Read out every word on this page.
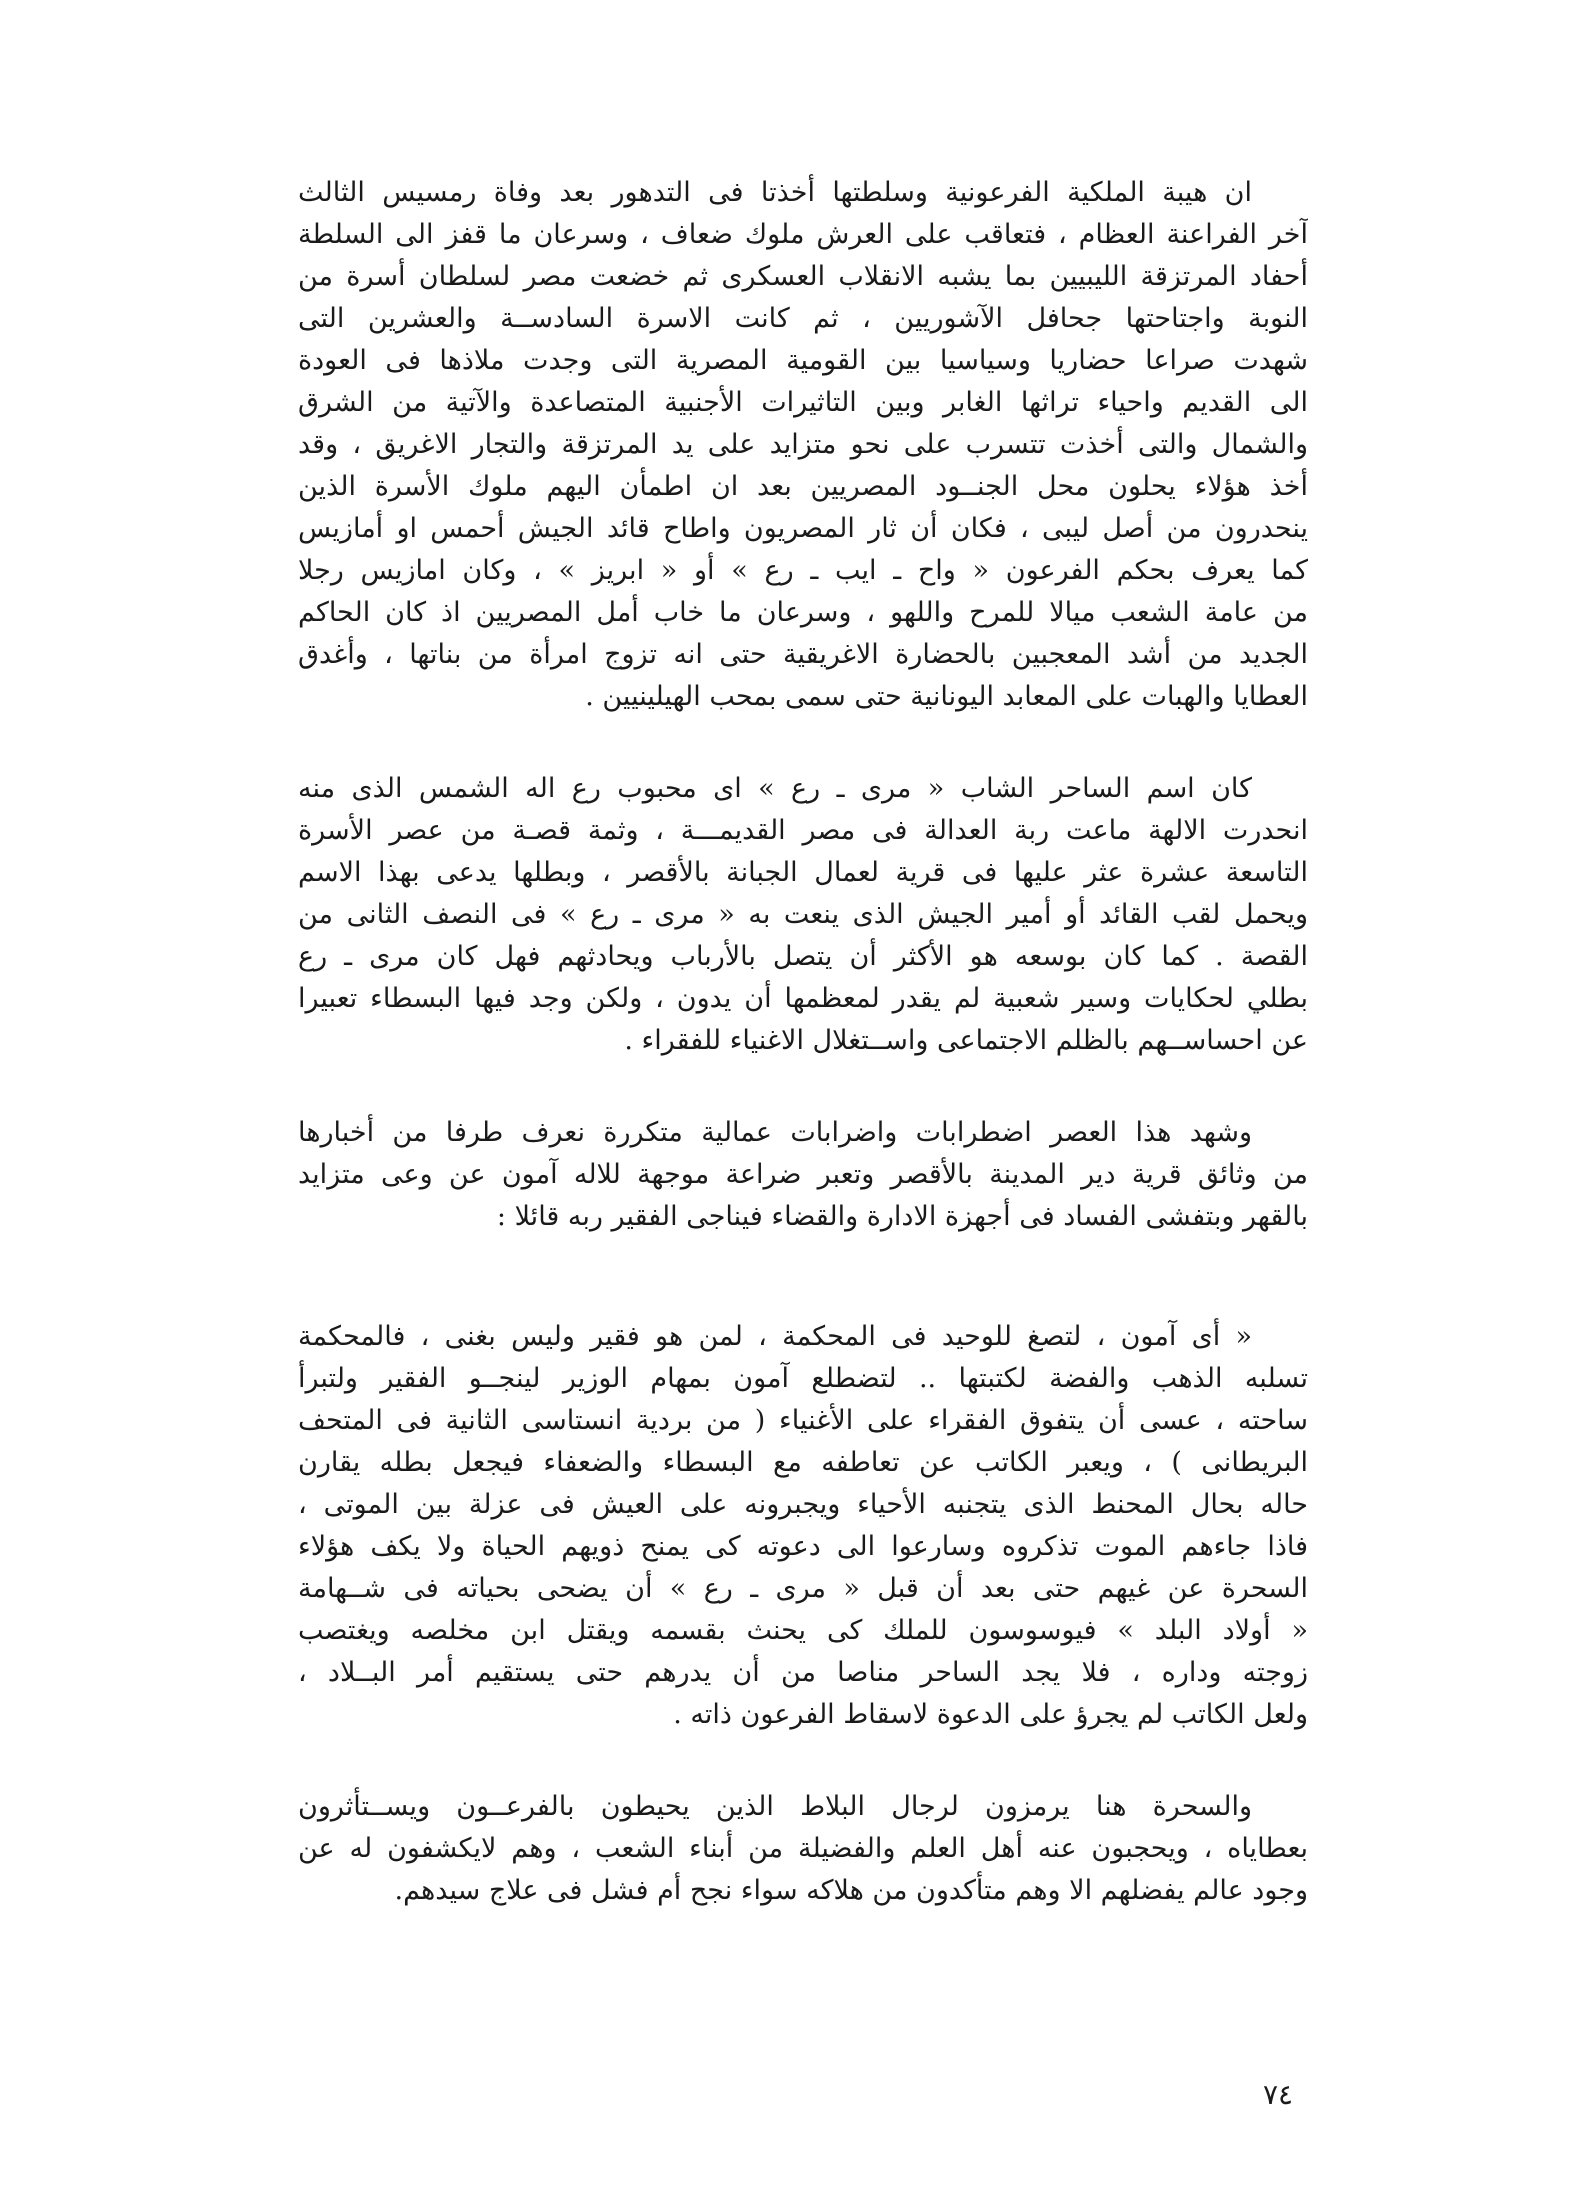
ان هيبة الملكية الفرعونية وسلطتها أخذتا فى التدهور بعد وفاة رمسيس الثالث
آخر الفراعنة العظام ، فتعاقب على العرش ملوك ضعاف ، وسرعان ما قفز الى السلطة
أحفاد المرتزقة الليبيين بما يشبه الانقلاب العسكرى ثم خضعت مصر لسلطان أسرة من
النوبة واجتاحتها جحافل الآشوريين ، ثم كانت الاسرة السادســة والعشرين التى
شهدت صراعا حضاريا وسياسيا بين القومية المصرية التى وجدت ملاذها فى العودة
الى القديم واحياء تراثها الغابر وبين التاثيرات الأجنبية المتصاعدة والآتية من الشرق
والشمال والتى أخذت تتسرب على نحو متزايد على يد المرتزقة والتجار الاغريق ، وقد
أخذ هؤلاء يحلون محل الجنــود المصريين بعد ان اطمأن اليهم ملوك الأسرة الذين
ينحدرون من أصل ليبى ، فكان أن ثار المصريون واطاح قائد الجيش أحمس او أمازيس
كما يعرف بحكم الفرعون « واح ـ ايب ـ رع » أو « ابريز » ، وكان امازيس رجلا
من عامة الشعب ميالا للمرح واللهو ، وسرعان ما خاب أمل المصريين اذ كان الحاكم
الجديد من أشد المعجبين بالحضارة الاغريقية حتى انه تزوج امرأة من بناتها ، وأغدق
العطايا والهبات على المعابد اليونانية حتى سمى بمحب الهيلينيين .
كان اسم الساحر الشاب « مرى ـ رع » اى محبوب رع اله الشمس الذى منه
انحدرت الالهة ماعت ربة العدالة فى مصر القديمـــة ، وثمة قصـة من عصر الأسرة
التاسعة عشرة عثر عليها فى قرية لعمال الجبانة بالأقصر ، وبطلها يدعى بهذا الاسم
ويحمل لقب القائد أو أمير الجيش الذى ينعت به « مرى ـ رع » فى النصف الثانى من
القصة . كما كان بوسعه هو الأكثر أن يتصل بالأرباب ويحادثهم فهل كان مرى ـ رع
بطلي لحكايات وسير شعبية لم يقدر لمعظمها أن يدون ، ولكن وجد فيها البسطاء تعبيرا
عن احساســهم بالظلم الاجتماعى واســتغلال الاغنياء للفقراء .
وشهد هذا العصر اضطرابات واضرابات عمالية متكررة نعرف طرفا من أخبارها
من وثائق قرية دير المدينة بالأقصر وتعبر ضراعة موجهة للاله آمون عن وعى متزايد
بالقهر وبتفشى الفساد فى أجهزة الادارة والقضاء فيناجى الفقير ربه قائلا :
« أى آمون ، لتصغ للوحيد فى المحكمة ، لمن هو فقير وليس بغنى ، فالمحكمة
تسلبه الذهب والفضة لكتبتها .. لتضطلع آمون بمهام الوزير لينجــو الفقير ولتبرأ
ساحته ، عسى أن يتفوق الفقراء على الأغنياء ( من بردية انستاسى الثانية فى المتحف
البريطانى ) ، ويعبر الكاتب عن تعاطفه مع البسطاء والضعفاء فيجعل بطله يقارن
حاله بحال المحنط الذى يتجنبه الأحياء ويجبرونه على العيش فى عزلة بين الموتى ،
فاذا جاءهم الموت تذكروه وسارعوا الى دعوته كى يمنح ذويهم الحياة ولا يكف هؤلاء
السحرة عن غيهم حتى بعد أن قبل « مرى ـ رع » أن يضحى بحياته فى شــهامة
« أولاد البلد » فيوسوسون للملك كى يحنث بقسمه ويقتل ابن مخلصه ويغتصب
زوجته وداره ، فلا يجد الساحر مناصا من أن يدرهم حتى يستقيم أمر البــلاد ،
ولعل الكاتب لم يجرؤ على الدعوة لاسقاط الفرعون ذاته .
والسحرة هنا يرمزون لرجال البلاط الذين يحيطون بالفرعــون ويســتأثرون
بعطاياه ، ويحجبون عنه أهل العلم والفضيلة من أبناء الشعب ، وهم لايكشفون له عن
وجود عالم يفضلهم الا وهم متأكدون من هلاكه سواء نجح أم فشل فى علاج سيدهم.
٧٤
